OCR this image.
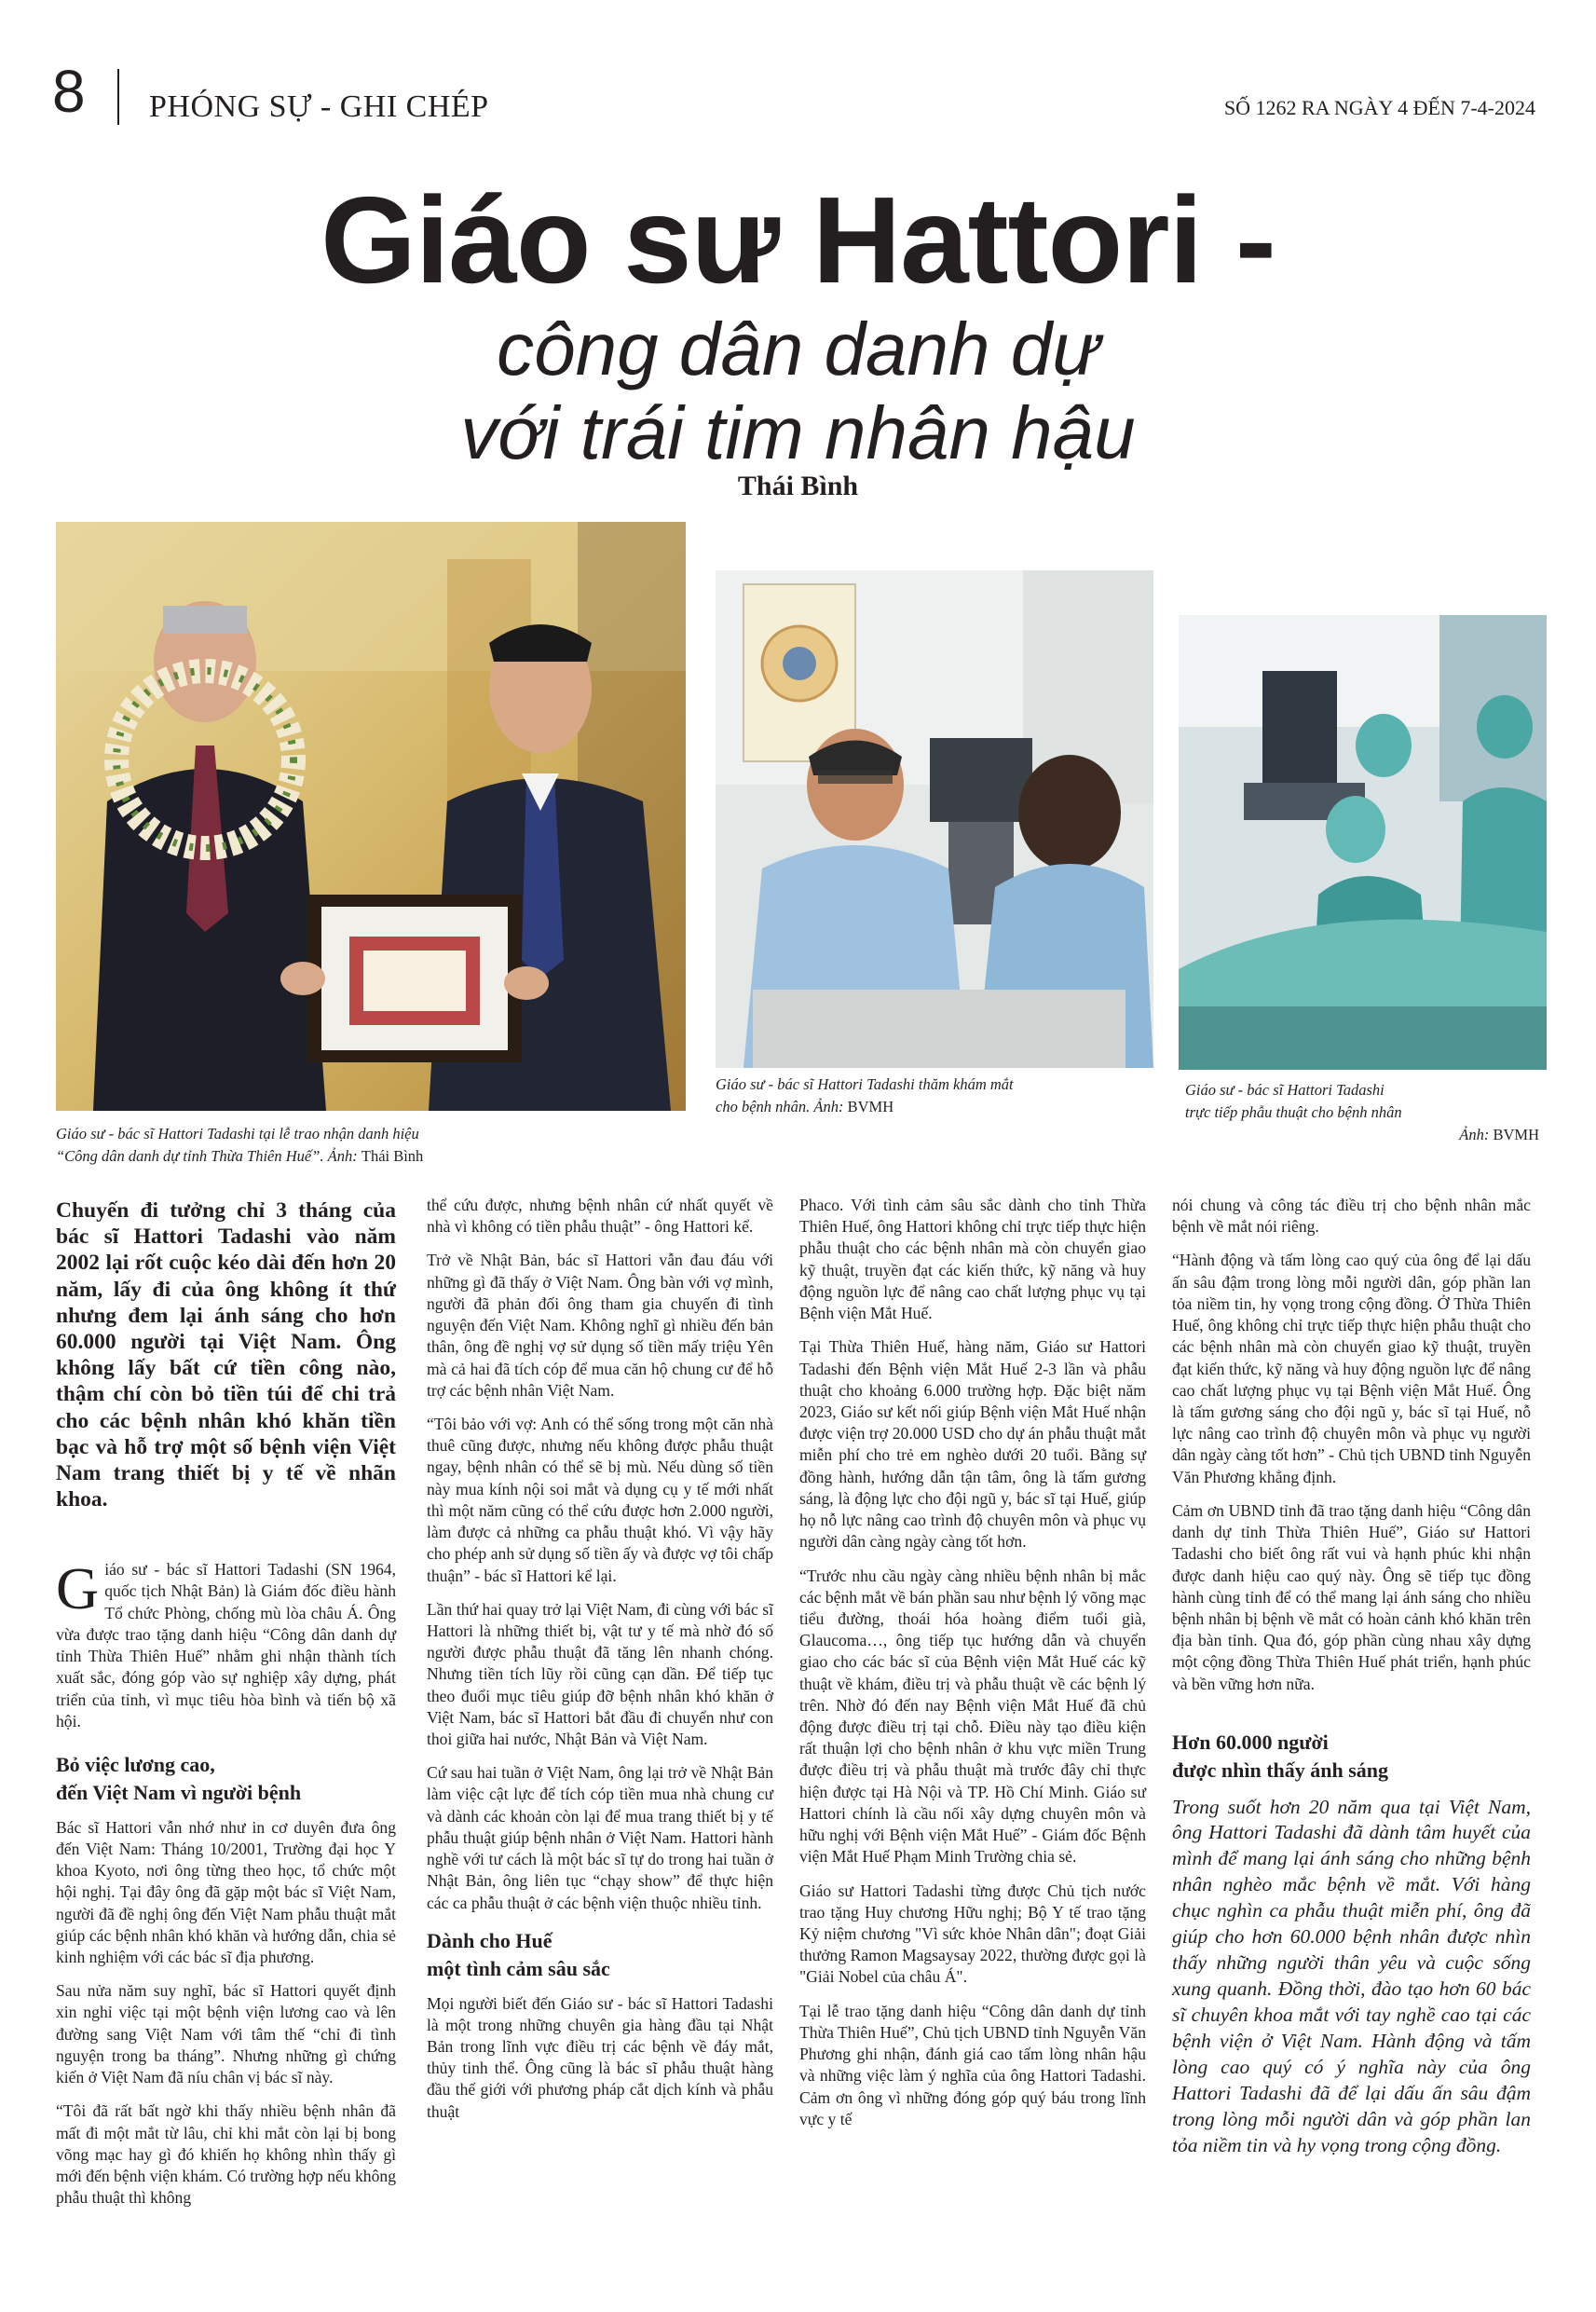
8 PHÓNG SỰ - GHI CHÉP	SỐ 1262 RA NGÀY 4 ĐẾN 7-4-2024
Giáo sư Hattori -
công dân danh dự
với trái tim nhân hậu
Thái Bình
Giáo sư - bác sĩ Hattori Tadashi tại lễ trao nhận danh hiệu
“Công dân danh dự tỉnh Thừa Thiên Huế”. Ảnh: Thái Bình
Giáo sư - bác sĩ Hattori Tadashi thăm khám mắt
cho bệnh nhân. Ảnh: BVMH
Giáo sư - bác sĩ Hattori Tadashi
trực tiếp phẫu thuật cho bệnh nhân
Ảnh: BVMH
Chuyến đi tưởng chỉ 3 tháng của bác sĩ Hattori Tadashi vào năm 2002 lại rốt cuộc kéo dài đến hơn 20 năm, lấy đi của ông không ít thứ nhưng đem lại ánh sáng cho hơn 60.000 người tại Việt Nam. Ông không lấy bất cứ tiền công nào, thậm chí còn bỏ tiền túi để chi trả cho các bệnh nhân khó khăn tiền bạc và hỗ trợ một số bệnh viện Việt Nam trang thiết bị y tế về nhãn khoa.

Giáo sư - bác sĩ Hattori Tadashi (SN 1964, quốc tịch Nhật Bản) là Giám đốc điều hành Tổ chức Phòng, chống mù lòa châu Á. Ông vừa được trao tặng danh hiệu “Công dân danh dự tỉnh Thừa Thiên Huế” nhằm ghi nhận thành tích xuất sắc, đóng góp vào sự nghiệp xây dựng, phát triển của tỉnh, vì mục tiêu hòa bình và tiến bộ xã hội.

Bỏ việc lương cao,
đến Việt Nam vì người bệnh

Bác sĩ Hattori vẫn nhớ như in cơ duyên đưa ông đến Việt Nam: Tháng 10/2001, Trường đại học Y khoa Kyoto, nơi ông từng theo học, tổ chức một hội nghị. Tại đây ông đã gặp một bác sĩ Việt Nam, người đã đề nghị ông đến Việt Nam phẫu thuật mắt giúp các bệnh nhân khó khăn và hướng dẫn, chia sẻ kinh nghiệm với các bác sĩ địa phương.

Sau nửa năm suy nghĩ, bác sĩ Hattori quyết định xin nghỉ việc tại một bệnh viện lương cao và lên đường sang Việt Nam với tâm thế “chỉ đi tình nguyện trong ba tháng”. Nhưng những gì chứng kiến ở Việt Nam đã níu chân vị bác sĩ này.

“Tôi đã rất bất ngờ khi thấy nhiều bệnh nhân đã mất đi một mắt từ lâu, chỉ khi mắt còn lại bị bong võng mạc hay gì đó khiến họ không nhìn thấy gì mới đến bệnh viện khám. Có trường hợp nếu không phẫu thuật thì không

thể cứu được, nhưng bệnh nhân cứ nhất quyết về nhà vì không có tiền phẫu thuật” - ông Hattori kể.

Trở về Nhật Bản, bác sĩ Hattori vẫn đau đáu với những gì đã thấy ở Việt Nam. Ông bàn với vợ mình, người đã phản đối ông tham gia chuyến đi tình nguyện đến Việt Nam. Không nghĩ gì nhiều đến bản thân, ông đề nghị vợ sử dụng số tiền mấy triệu Yên mà cả hai đã tích cóp để mua căn hộ chung cư để hỗ trợ các bệnh nhân Việt Nam.

“Tôi bảo với vợ: Anh có thể sống trong một căn nhà thuê cũng được, nhưng nếu không được phẫu thuật ngay, bệnh nhân có thể sẽ bị mù. Nếu dùng số tiền này mua kính nội soi mắt và dụng cụ y tế mới nhất thì một năm cũng có thể cứu được hơn 2.000 người, làm được cả những ca phẫu thuật khó. Vì vậy hãy cho phép anh sử dụng số tiền ấy và được vợ tôi chấp thuận” - bác sĩ Hattori kể lại.

Lần thứ hai quay trở lại Việt Nam, đi cùng với bác sĩ Hattori là những thiết bị, vật tư y tế mà nhờ đó số người được phẫu thuật đã tăng lên nhanh chóng. Nhưng tiền tích lũy rồi cũng cạn dần. Để tiếp tục theo đuổi mục tiêu giúp đỡ bệnh nhân khó khăn ở Việt Nam, bác sĩ Hattori bắt đầu đi chuyển như con thoi giữa hai nước, Nhật Bản và Việt Nam.

Cứ sau hai tuần ở Việt Nam, ông lại trở về Nhật Bản làm việc cật lực để tích cóp tiền mua nhà chung cư và dành các khoản còn lại để mua trang thiết bị y tế phẫu thuật giúp bệnh nhân ở Việt Nam. Hattori hành nghề với tư cách là một bác sĩ tự do trong hai tuần ở Nhật Bản, ông liên tục “chạy show” để thực hiện các ca phẫu thuật ở các bệnh viện thuộc nhiều tỉnh.

Dành cho Huế
một tình cảm sâu sắc

Mọi người biết đến Giáo sư - bác sĩ Hattori Tadashi là một trong những chuyên gia hàng đầu tại Nhật Bản trong lĩnh vực điều trị các bệnh về đáy mắt, thủy tinh thể. Ông cũng là bác sĩ phẫu thuật hàng đầu thế giới với phương pháp cắt dịch kính và phẫu thuật

Phaco. Với tình cảm sâu sắc dành cho tỉnh Thừa Thiên Huế, ông Hattori không chỉ trực tiếp thực hiện phẫu thuật cho các bệnh nhân mà còn chuyển giao kỹ thuật, truyền đạt các kiến thức, kỹ năng và huy động nguồn lực để nâng cao chất lượng phục vụ tại Bệnh viện Mắt Huế.

Tại Thừa Thiên Huế, hàng năm, Giáo sư Hattori Tadashi đến Bệnh viện Mắt Huế 2-3 lần và phẫu thuật cho khoảng 6.000 trường hợp. Đặc biệt năm 2023, Giáo sư kết nối giúp Bệnh viện Mắt Huế nhận được viện trợ 20.000 USD cho dự án phẫu thuật mắt miễn phí cho trẻ em nghèo dưới 20 tuổi. Bằng sự đồng hành, hướng dẫn tận tâm, ông là tấm gương sáng, là động lực cho đội ngũ y, bác sĩ tại Huế, giúp họ nỗ lực nâng cao trình độ chuyên môn và phục vụ người dân càng ngày càng tốt hơn.

“Trước nhu cầu ngày càng nhiều bệnh nhân bị mắc các bệnh mắt về bán phần sau như bệnh lý võng mạc tiểu đường, thoái hóa hoàng điểm tuổi già, Glaucoma…, ông tiếp tục hướng dẫn và chuyển giao cho các bác sĩ của Bệnh viện Mắt Huế các kỹ thuật về khám, điều trị và phẫu thuật về các bệnh lý trên. Nhờ đó đến nay Bệnh viện Mắt Huế đã chủ động được điều trị tại chỗ. Điều này tạo điều kiện rất thuận lợi cho bệnh nhân ở khu vực miền Trung được điều trị và phẫu thuật mà trước đây chỉ thực hiện được tại Hà Nội và TP. Hồ Chí Minh. Giáo sư Hattori chính là cầu nối xây dựng chuyên môn và hữu nghị với Bệnh viện Mắt Huế” - Giám đốc Bệnh viện Mắt Huế Phạm Minh Trường chia sẻ.

Giáo sư Hattori Tadashi từng được Chủ tịch nước trao tặng Huy chương Hữu nghị; Bộ Y tế trao tặng Kỷ niệm chương "Vì sức khỏe Nhân dân"; đoạt Giải thưởng Ramon Magsaysay 2022, thường được gọi là "Giải Nobel của châu Á".

Tại lễ trao tặng danh hiệu “Công dân danh dự tỉnh Thừa Thiên Huế”, Chủ tịch UBND tỉnh Nguyễn Văn Phương ghi nhận, đánh giá cao tấm lòng nhân hậu và những việc làm ý nghĩa của ông Hattori Tadashi. Cảm ơn ông vì những đóng góp quý báu trong lĩnh vực y tế

nói chung và công tác điều trị cho bệnh nhân mắc bệnh về mắt nói riêng.

“Hành động và tấm lòng cao quý của ông để lại dấu ấn sâu đậm trong lòng mỗi người dân, góp phần lan tỏa niềm tin, hy vọng trong cộng đồng. Ở Thừa Thiên Huế, ông không chỉ trực tiếp thực hiện phẫu thuật cho các bệnh nhân mà còn chuyển giao kỹ thuật, truyền đạt kiến thức, kỹ năng và huy động nguồn lực để nâng cao chất lượng phục vụ tại Bệnh viện Mắt Huế. Ông là tấm gương sáng cho đội ngũ y, bác sĩ tại Huế, nỗ lực nâng cao trình độ chuyên môn và phục vụ người dân ngày càng tốt hơn” - Chủ tịch UBND tỉnh Nguyễn Văn Phương khẳng định.

Cảm ơn UBND tỉnh đã trao tặng danh hiệu “Công dân danh dự tỉnh Thừa Thiên Huế”, Giáo sư Hattori Tadashi cho biết ông rất vui và hạnh phúc khi nhận được danh hiệu cao quý này. Ông sẽ tiếp tục đồng hành cùng tỉnh để có thể mang lại ánh sáng cho nhiều bệnh nhân bị bệnh về mắt có hoàn cảnh khó khăn trên địa bàn tỉnh. Qua đó, góp phần cùng nhau xây dựng một cộng đồng Thừa Thiên Huế phát triển, hạnh phúc và bền vững hơn nữa.

Hơn 60.000 người
được nhìn thấy ánh sáng
Trong suốt hơn 20 năm qua tại Việt Nam, ông Hattori Tadashi đã dành tâm huyết của mình để mang lại ánh sáng cho những bệnh nhân nghèo mắc bệnh về mắt. Với hàng chục nghìn ca phẫu thuật miễn phí, ông đã giúp cho hơn 60.000 bệnh nhân được nhìn thấy những người thân yêu và cuộc sống xung quanh. Đồng thời, đào tạo hơn 60 bác sĩ chuyên khoa mắt với tay nghề cao tại các bệnh viện ở Việt Nam. Hành động và tấm lòng cao quý có ý nghĩa này của ông Hattori Tadashi đã để lại dấu ấn sâu đậm trong lòng mỗi người dân và góp phần lan tỏa niềm tin và hy vọng trong cộng đồng.
